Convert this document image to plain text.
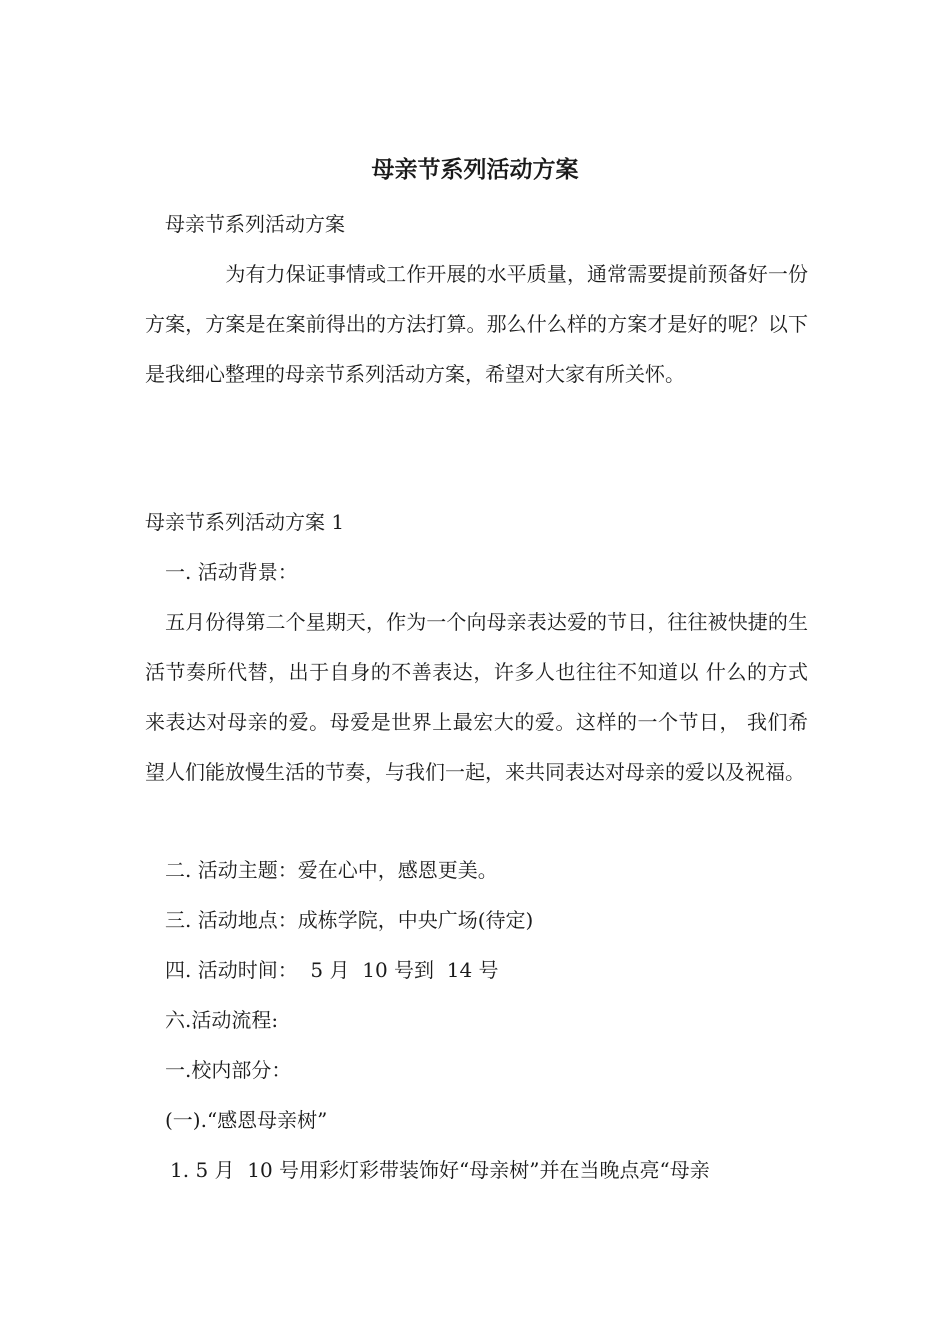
母亲节系列活动方案
母亲节系列活动方案
　　　　为有力保证事情或工作开展的水平质量，通常需要提前预备好一份方案，方案是在案前得出的方法打算。那么什么样的方案才是好的呢？以下是我细心整理的母亲节系列活动方案，希望对大家有所关怀。
母亲节系列活动方案 1
一. 活动背景：
　五月份得第二个星期天，作为一个向母亲表达爱的节日，往往被快捷的生活节奏所代替，出于自身的不善表达，许多人也往往不知道以 什么的方式来表达对母亲的爱。母爱是世界上最宏大的爱。这样的一个节日， 我们希望人们能放慢生活的节奏，与我们一起，来共同表达对母亲的爱以及祝福。
二. 活动主题：爱在心中，感恩更美。
三. 活动地点：成栋学院，中央广场(待定)
四. 活动时间：  5 月  10 号到  14 号
六.活动流程:
一.校内部分：
(一).“感恩母亲树”
1. 5 月  10 号用彩灯彩带装饰好“母亲树”并在当晚点亮“母亲
